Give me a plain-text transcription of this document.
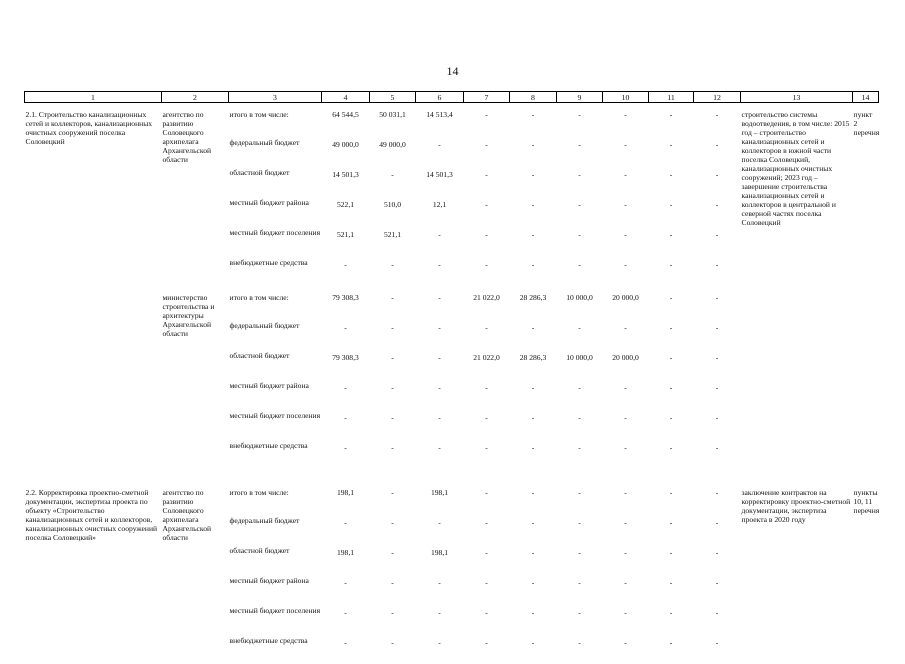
14
1	2	3	4	5	6	7	8	9	10	11	12	13	14
2.1. Строительство канализационных сетей и коллекторов, канализационных очистных сооружений поселка Соловецкий	агентство по развитию Соловецкого архипелага Архангельской области	итого в том числе:	64 544,5	50 031,1	14 513,4	-	-	-	-	-	-	строительство системы водоотведения, в том числе: 2015 год – строительство канализационных сетей и коллекторов в южной части поселка Соловецкий, канализационных очистных сооружений; 2023 год – завершение строительства канализационных сетей и коллекторов в центральной и северной частях поселка Соловецкий	пункт 2 перечня
		федеральный бюджет	49 000,0	49 000,0	-	-	-	-	-	-	-		
		областной бюджет	14 501,3	-	14 501,3	-	-	-	-	-	-		
		местный бюджет района	522,1	510,0	12,1	-	-	-	-	-	-		
		местный бюджет поселения	521,1	521,1	-	-	-	-	-	-	-		
		внебюджетные средства	-	-	-	-	-	-	-	-	-		
	министерство строительства и архитектуры Архангельской области	итого в том числе:	79 308,3	-	-	21 022,0	28 286,3	10 000,0	20 000,0	-	-		
		федеральный бюджет	-	-	-	-	-	-	-	-	-		
		областной бюджет	79 308,3	-	-	21 022,0	28 286,3	10 000,0	20 000,0	-	-		
		местный бюджет района	-	-	-	-	-	-	-	-	-		
		местный бюджет поселения	-	-	-	-	-	-	-	-	-		
		внебюджетные средства	-	-	-	-	-	-	-	-	-		

2.2. Корректировка проектно-сметной документации, экспертиза проекта по объекту «Строительство канализационных сетей и коллекторов, канализационных очистных сооружений поселка Соловецкий»	агентство по развитию Соловецкого архипелага Архангельской области	итого в том числе:	198,1	-	198,1	-	-	-	-	-	-	заключение контрактов на корректировку проектно-сметной документации, экспертиза проекта в 2020 году	пункты 10, 11 перечня
		федеральный бюджет	-	-	-	-	-	-	-	-	-		
		областной бюджет	198,1	-	198,1	-	-	-	-	-	-		
		местный бюджет района	-	-	-	-	-	-	-	-	-		
		местный бюджет поселения	-	-	-	-	-	-	-	-	-		
		внебюджетные средства	-	-	-	-	-	-	-	-	-		
